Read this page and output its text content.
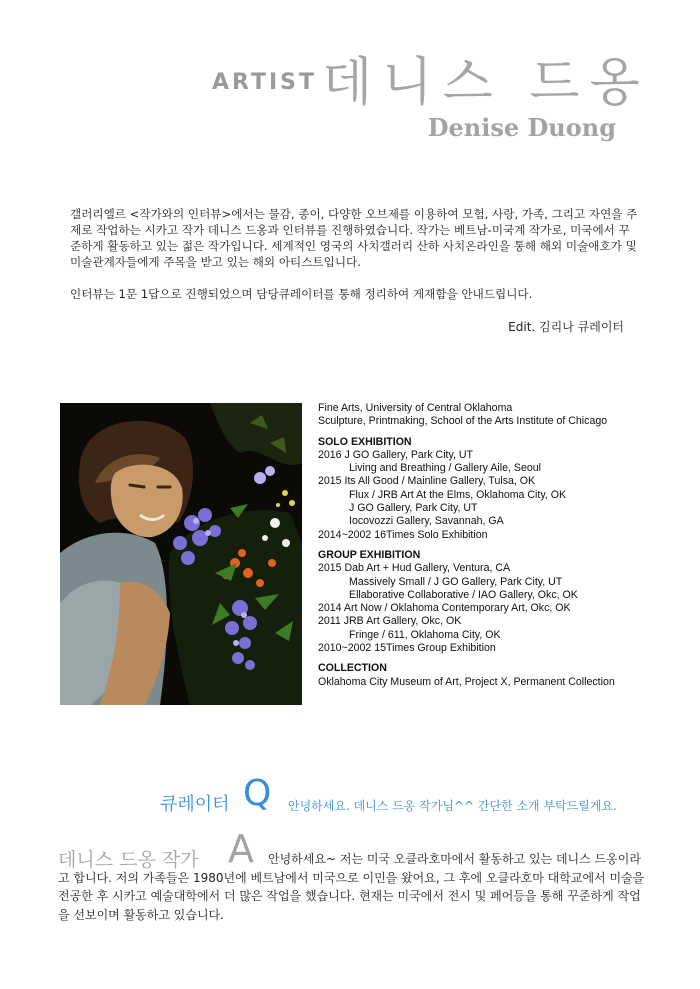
ARTIST 데니스 드옹
Denise Duong

갤러리엘르 <작가와의 인터뷰>에서는 물감, 종이, 다양한 오브제를 이용하여 모험, 사랑, 가족, 그리고 자연을 주제로 작업하는 시카고 작가 데니스 드옹과 인터뷰를 진행하였습니다. 작가는 베트남-미국계 작가로, 미국에서 꾸준하게 활동하고 있는 젊은 작가입니다. 세계적인 영국의 사치갤러리 산하 사치온라인을 통해 해외 미술애호가 및 미술관계자들에게 주목을 받고 있는 해외 아티스트입니다.

인터뷰는 1문 1답으로 진행되었으며 담당큐레이터를 통해 정리하여 게재함을 안내드립니다.

Edit. 김리나 큐레이터
Fine Arts, University of Central Oklahoma
Sculpture, Printmaking, School of the Arts Institute of Chicago
SOLO EXHIBITION
2016 J GO Gallery, Park City, UT
Living and Breathing / Gallery Aile, Seoul
2015 Its All Good / Mainline Gallery, Tulsa, OK
Flux / JRB Art At the Elms, Oklahoma City, OK
J GO Gallery, Park City, UT
Iocovozzi Gallery, Savannah, GA
2014~2002 16Times Solo Exhibition
GROUP EXHIBITION
2015 Dab Art + Hud Gallery, Ventura, CA
Massively Small / J GO Gallery, Park City, UT
Ellaborative Collaborative / IAO Gallery, Okc, OK
2014 Art Now / Oklahoma Contemporary Art, Okc, OK
2011 JRB Art Gallery, Okc, OK
Fringe / 611, Oklahoma City, OK
2010~2002 15Times Group Exhibition
COLLECTION
Oklahoma City Museum of Art, Project X, Permanent Collection
큐레이터 Q 안녕하세요. 데니스 드옹 작가님^^ 간단한 소개 부탁드릴게요.
데니스 드옹 작가 A	안녕하세요~ 저는 미국 오클라호마에서 활동하고 있는 데니스 드옹이라고 합니다. 저의 가족들은 1980년에 베트남에서 미국으로 이민을 왔어요, 그 후에 오클라호마 대학교에서 미술을 전공한 후 시카고 예술대학에서 더 많은 작업을 했습니다. 현재는 미국에서 전시 및 페어등을 통해 꾸준하게 작업을 선보이며 활동하고 있습니다.
